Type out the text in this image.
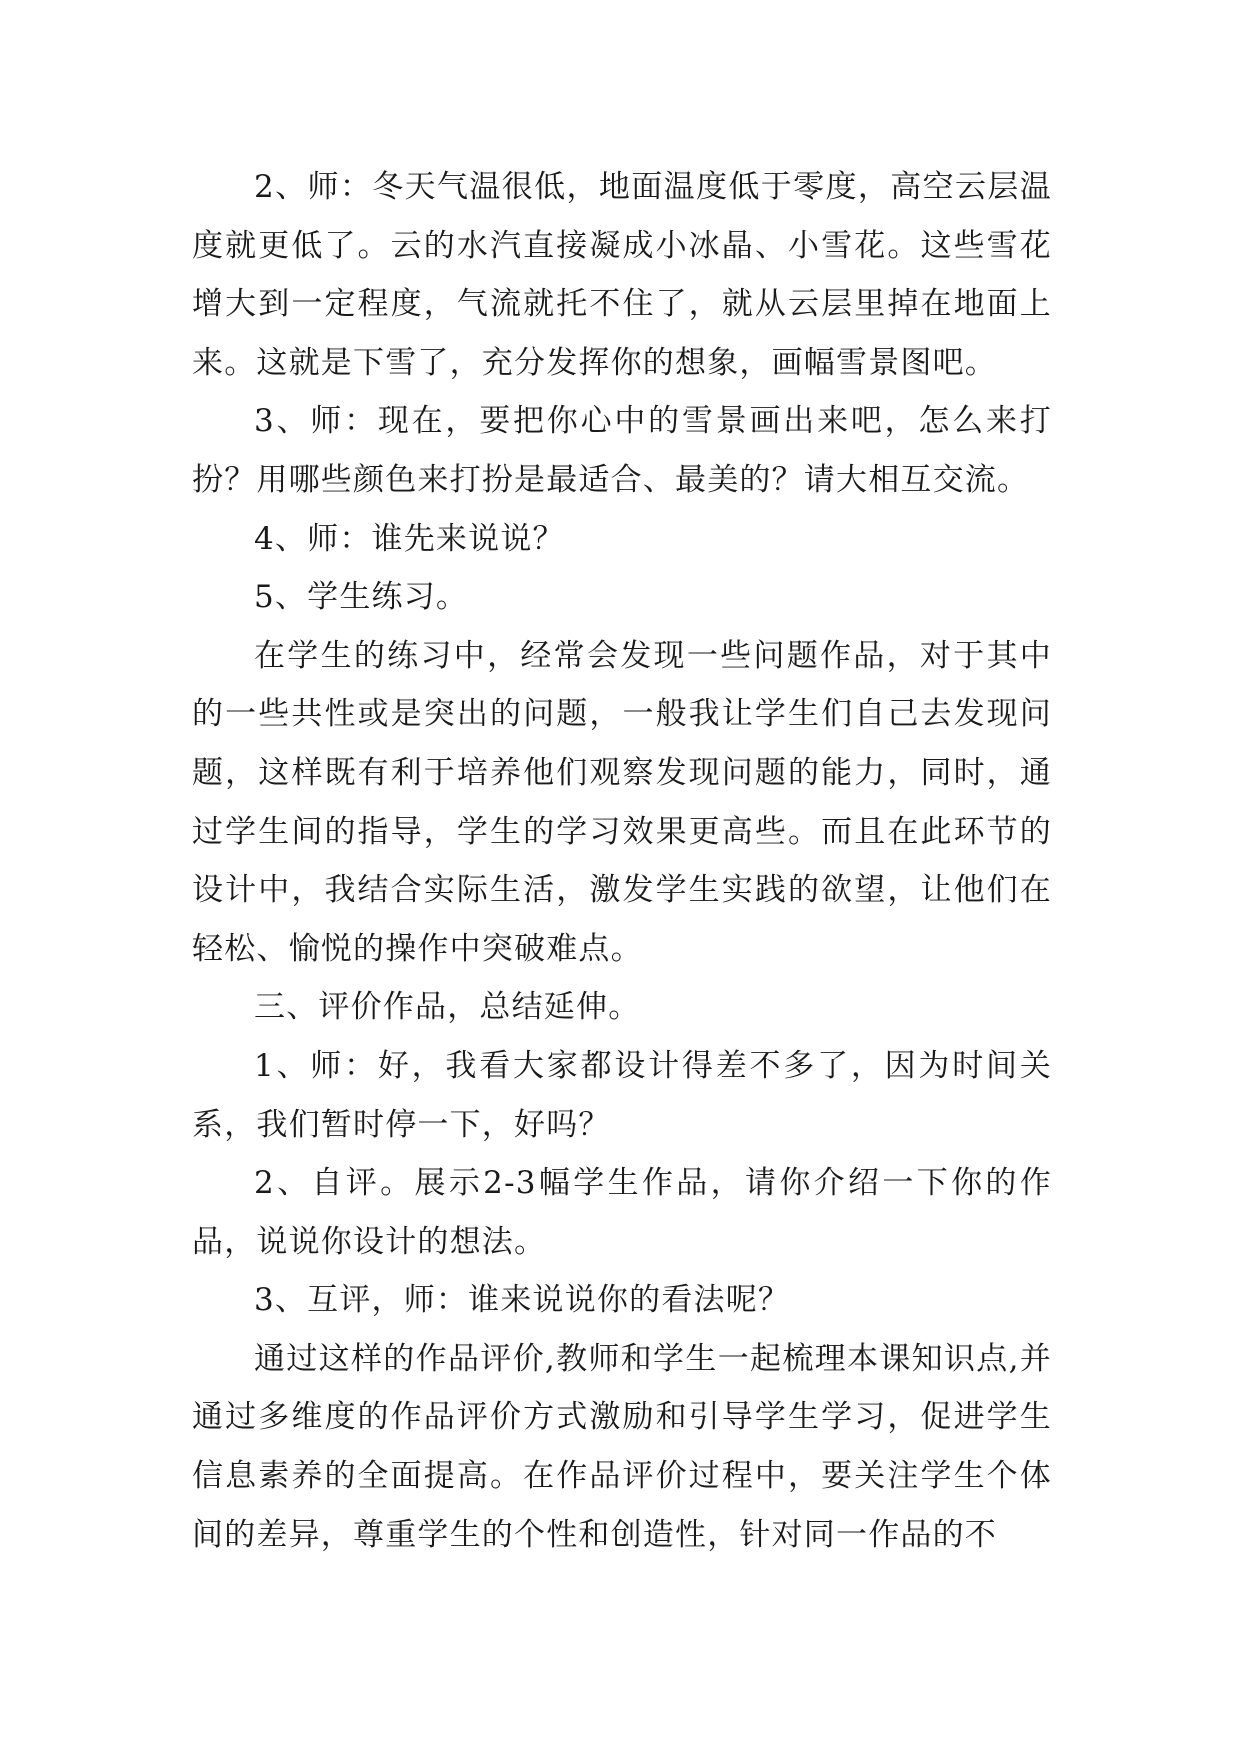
2、师：冬天气温很低，地面温度低于零度，高空云层温度就更低了。云的水汽直接凝成小冰晶、小雪花。这些雪花增大到一定程度，气流就托不住了，就从云层里掉在地面上来。这就是下雪了，充分发挥你的想象，画幅雪景图吧。

3、师：现在，要把你心中的雪景画出来吧，怎么来打扮？用哪些颜色来打扮是最适合、最美的？请大相互交流。

4、师：谁先来说说？

5、学生练习。

在学生的练习中，经常会发现一些问题作品，对于其中的一些共性或是突出的问题，一般我让学生们自己去发现问题，这样既有利于培养他们观察发现问题的能力，同时，通过学生间的指导，学生的学习效果更高些。而且在此环节的设计中，我结合实际生活，激发学生实践的欲望，让他们在轻松、愉悦的操作中突破难点。

三、评价作品，总结延伸。

1、师：好，我看大家都设计得差不多了，因为时间关系，我们暂时停一下，好吗？

2、自评。展示2-3幅学生作品，请你介绍一下你的作品，说说你设计的想法。

3、互评，师：谁来说说你的看法呢？

通过这样的作品评价,教师和学生一起梳理本课知识点,并通过多维度的作品评价方式激励和引导学生学习，促进学生信息素养的全面提高。在作品评价过程中，要关注学生个体间的差异，尊重学生的个性和创造性，针对同一作品的不
